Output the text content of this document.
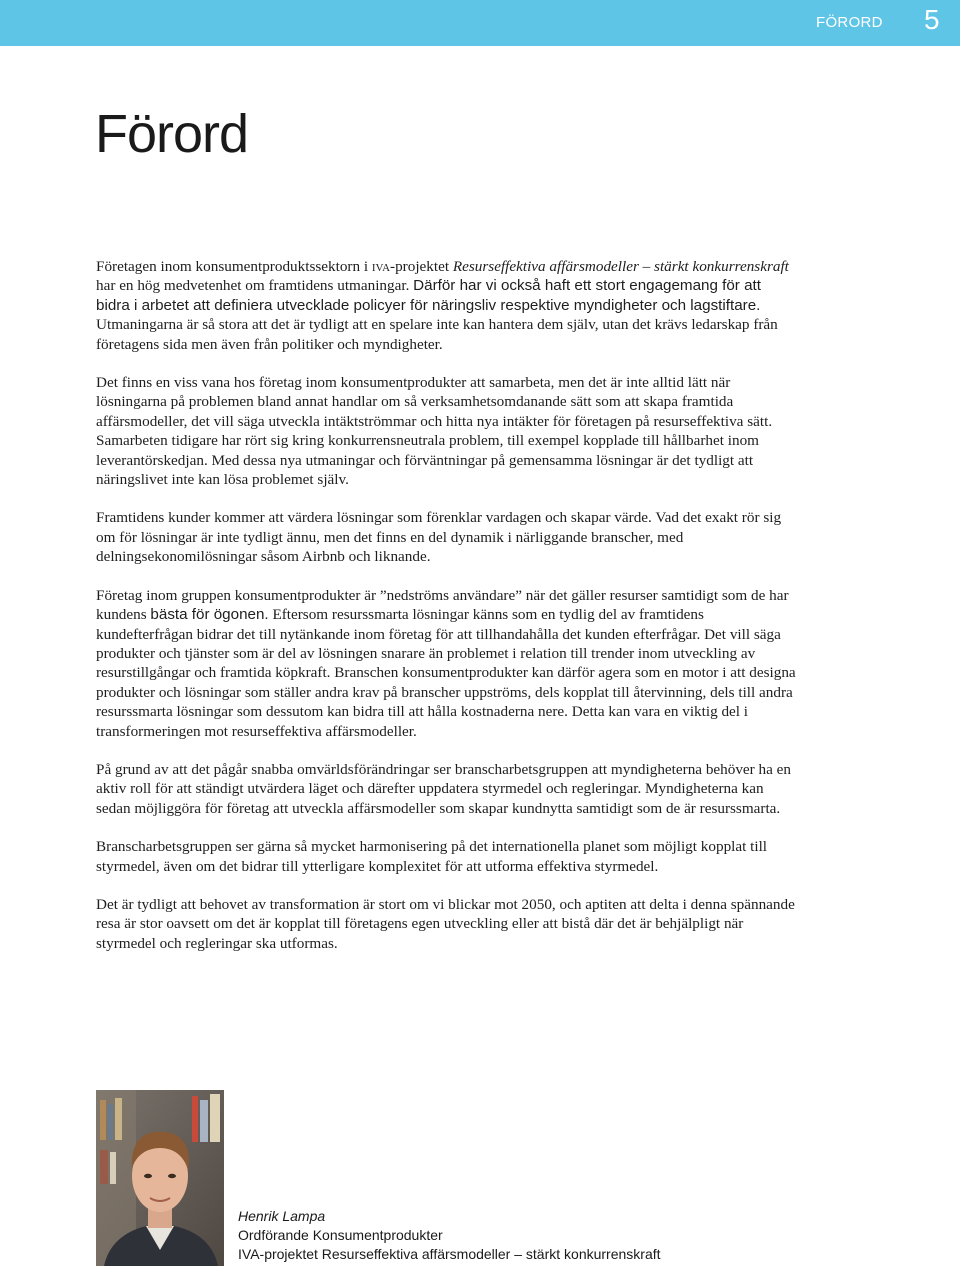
FÖRORD 5
Förord

Företagen inom konsumentproduktssektorn i iva-projektet Resurseffektiva affärsmodeller – stärkt konkurrenskraft har en hög medvetenhet om framtidens utmaningar. Därför har vi också haft ett stort engagemang för att bidra i arbetet att definiera utvecklade policyer för näringsliv respektive myndigheter och lagstiftare. Utmaningarna är så stora att det är tydligt att en spelare inte kan hantera dem själv, utan det krävs ledarskap från företagens sida men även från politiker och myndigheter.

Det finns en viss vana hos företag inom konsumentprodukter att samarbeta, men det är inte alltid lätt när lösningarna på problemen bland annat handlar om så verksamhetsomdanande sätt som att skapa framtida affärsmodeller, det vill säga utveckla intäktströmmar och hitta nya intäkter för företagen på resurseffektiva sätt. Samarbeten tidigare har rört sig kring konkurrensneutrala problem, till exempel kopplade till hållbarhet inom leverantörskedjan. Med dessa nya utmaningar och förväntningar på gemensamma lösningar är det tydligt att näringslivet inte kan lösa problemet själv.

Framtidens kunder kommer att värdera lösningar som förenklar vardagen och skapar värde. Vad det exakt rör sig om för lösningar är inte tydligt ännu, men det finns en del dynamik i närliggande branscher, med delningsekonomilösningar såsom Airbnb och liknande.

Företag inom gruppen konsumentprodukter är ”nedströms användare” när det gäller resurser samtidigt som de har kundens bästa för ögonen. Eftersom resurssmarta lösningar känns som en tydlig del av framtidens kundefterfrågan bidrar det till nytänkande inom företag för att tillhandahålla det kunden efterfrågar. Det vill säga produkter och tjänster som är del av lösningen snarare än problemet i relation till trender inom utveckling av resurstillgångar och framtida köpkraft. Branschen konsumentprodukter kan därför agera som en motor i att designa produkter och lösningar som ställer andra krav på branscher uppströms, dels kopplat till återvinning, dels till andra resurssmarta lösningar som dessutom kan bidra till att hålla kostnaderna nere. Detta kan vara en viktig del i transformeringen mot resurseffektiva affärsmodeller.

På grund av att det pågår snabba omvärldsförändringar ser branscharbetsgruppen att myndigheterna behöver ha en aktiv roll för att ständigt utvärdera läget och därefter uppdatera styrmedel och regleringar. Myndigheterna kan sedan möjliggöra för företag att utveckla affärsmodeller som skapar kundnytta samtidigt som de är resurssmarta.

Branscharbetsgruppen ser gärna så mycket harmonisering på det internationella planet som möjligt kopplat till styrmedel, även om det bidrar till ytterligare komplexitet för att utforma effektiva styrmedel.

Det är tydligt att behovet av transformation är stort om vi blickar mot 2050, och aptiten att delta i denna spännande resa är stor oavsett om det är kopplat till företagens egen utveckling eller att bistå där det är behjälpligt när styrmedel och regleringar ska utformas.

Henrik Lampa
Ordförande Konsumentprodukter
IVA-projektet Resurseffektiva affärsmodeller – stärkt konkurrenskraft
